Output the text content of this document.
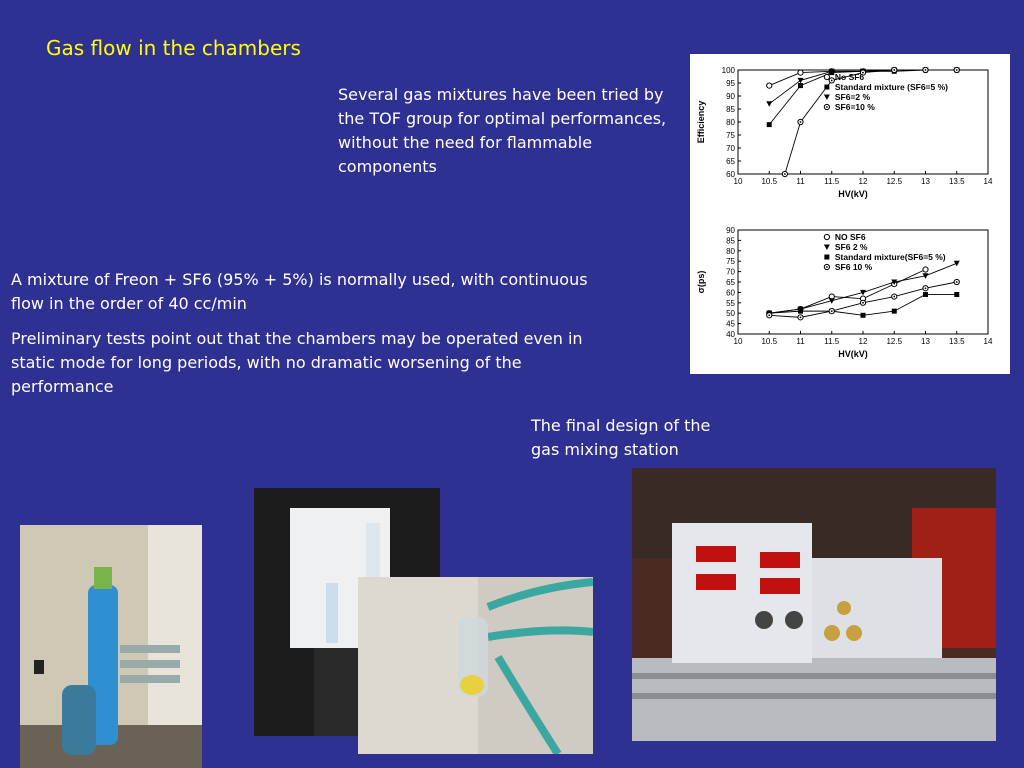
Gas flow in the chambers
Several gas mixtures have been tried by the TOF group for optimal performances, without the need for flammable components
A mixture of Freon + SF6 (95% + 5%) is normally used, with continuous flow in the order of 40 cc/min
Preliminary tests point out that the chambers may be operated even in static mode for long periods, with no dramatic worsening of the performance
The final design of the gas mixing station
10 10.5 11 11.5 12 12.5 13 13.5 14
60
65
70
75
80
85
90
95
100
HV(kV)
Efficiency
No SF6
Standard mixture (SF6=5 %)
SF6=2 %
SF6=10 %
10 10.5 11 11.5 12 12.5 13 13.5 14
40
45
50
55
60
65
70
75
80
85
90
HV(kV)
σ(ps)
NO SF6
SF6 2 %
Standard mixture(SF6=5 %)
SF6 10 %
